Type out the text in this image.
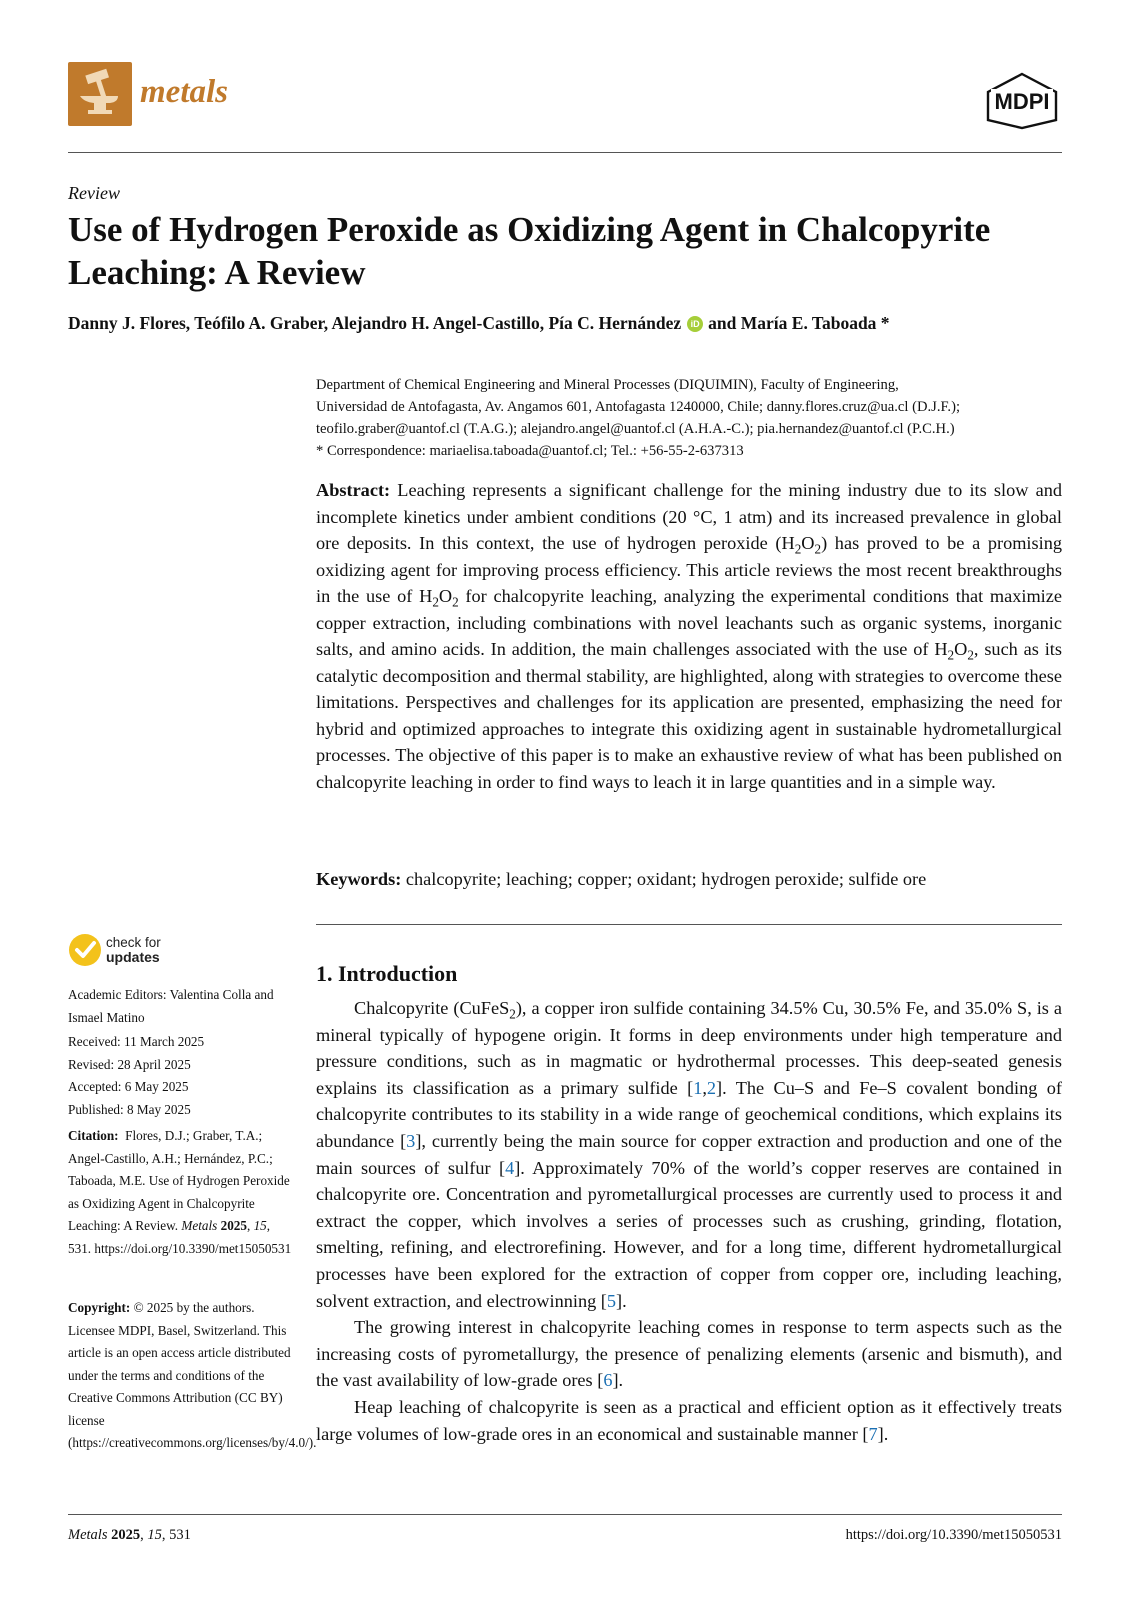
metals	MDPI
Review
Use of Hydrogen Peroxide as Oxidizing Agent in Chalcopyrite Leaching: A Review
Danny J. Flores, Teófilo A. Graber, Alejandro H. Angel-Castillo, Pía C. Hernández iD and María E. Taboada *

Department of Chemical Engineering and Mineral Processes (DIQUIMIN), Faculty of Engineering,

Universidad de Antofagasta, Av. Angamos 601, Antofagasta 1240000, Chile; danny.flores.cruz@ua.cl (D.J.F.);

teofilo.graber@uantof.cl (T.A.G.); alejandro.angel@uantof.cl (A.H.A.-C.); pia.hernandez@uantof.cl (P.C.H.)

* Correspondence: mariaelisa.taboada@uantof.cl; Tel.: +56-55-2-637313

Abstract: Leaching represents a significant challenge for the mining industry due to its slow and incomplete kinetics under ambient conditions (20 °C, 1 atm) and its increased prevalence in global ore deposits. In this context, the use of hydrogen peroxide $(H_2O_2)$ has proved to be a promising oxidizing agent for improving process efficiency. This article reviews the most recent breakthroughs in the use of $H_2O_2$ for chalcopyrite leaching, analyzing the experimental conditions that maximize copper extraction, including combinations with novel leachants such as organic systems, inorganic salts, and amino acids. In addition, the main challenges associated with the use of $H_2O_2$, such as its catalytic decomposition and thermal stability, are highlighted, along with strategies to overcome these limitations. Perspectives and challenges for its application are presented, emphasizing the need for hybrid and optimized approaches to integrate this oxidizing agent in sustainable hydrometallurgical processes. The objective of this paper is to make an exhaustive review of what has been published on chalcopyrite leaching in order to find ways to leach it in large quantities and in a simple way.

Keywords: chalcopyrite; leaching; copper; oxidant; hydrogen peroxide; sulfide ore
check for
updates
Academic Editors: Valentina Colla and Ismael Matino

Received: 11 March 2025

Revised: 28 April 2025

Accepted: 6 May 2025

Published: 8 May 2025

Citation: Flores, D.J.; Graber, T.A.; Angel-Castillo, A.H.; Hernández, P.C.; Taboada, M.E. Use of Hydrogen Peroxide as Oxidizing Agent in Chalcopyrite Leaching: A Review. Metals 2025, 15, 531. https://doi.org/10.3390/met15050531
Copyright: © 2025 by the authors. Licensee MDPI, Basel, Switzerland. This article is an open access article distributed under the terms and conditions of the Creative Commons Attribution (CC BY) license (https://creativecommons.org/licenses/by/4.0/).
1. Introduction

Chalcopyrite (CuFeS$_2$), a copper iron sulfide containing 34.5% Cu, 30.5% Fe, and 35.0% S, is a mineral typically of hypogene origin. It forms in deep environments under high temperature and pressure conditions, such as in magmatic or hydrothermal processes. This deep-seated genesis explains its classification as a primary sulfide [1,2]. The Cu–S and Fe–S covalent bonding of chalcopyrite contributes to its stability in a wide range of geochemical conditions, which explains its abundance [3], currently being the main source for copper extraction and production and one of the main sources of sulfur [4]. Approximately 70% of the world’s copper reserves are contained in chalcopyrite ore. Concentration and pyrometallurgical processes are currently used to process it and extract the copper, which involves a series of processes such as crushing, grinding, flotation, smelting, refining, and electrorefining. However, and for a long time, different hydrometallurgical processes have been explored for the extraction of copper from copper ore, including leaching, solvent extraction, and electrowinning [5].

The growing interest in chalcopyrite leaching comes in response to term aspects such as the increasing costs of pyrometallurgy, the presence of penalizing elements (arsenic and bismuth), and the vast availability of low-grade ores [6].

Heap leaching of chalcopyrite is seen as a practical and efficient option as it effectively treats large volumes of low-grade ores in an economical and sustainable manner [7].

Metals 2025, 15, 531	https://doi.org/10.3390/met15050531
